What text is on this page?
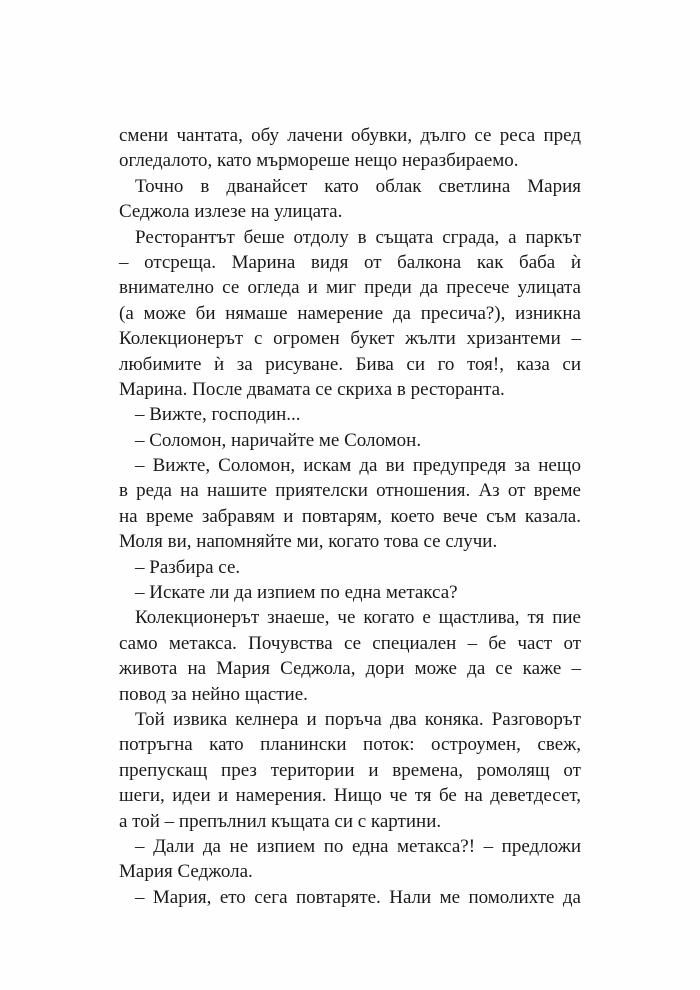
смени чантата, обу лачени обувки, дълго се реса пред
огледалото, като мърмореше нещо неразбираемо.
Точно в дванайсет като облак светлина Мария
Седжола излезе на улицата.
Ресторантът беше отдолу в същата сграда, а паркът
– отсреща. Марина видя от балкона как баба ѝ
внимателно се огледа и миг преди да пресече улицата
(а може би нямаше намерение да пресича?), изникна
Колекционерът с огромен букет жълти хризантеми –
любимите ѝ за рисуване. Бива си го тоя!, каза си
Марина. После двамата се скриха в ресторанта.
– Вижте, господин...
– Соломон, наричайте ме Соломон.
– Вижте, Соломон, искам да ви предупредя за нещо
в реда на нашите приятелски отношения. Аз от време
на време забравям и повтарям, което вече съм казала.
Моля ви, напомняйте ми, когато това се случи.
– Разбира се.
– Искате ли да изпием по една метакса?
Колекционерът знаеше, че когато е щастлива, тя пие
само метакса. Почувства се специален – бе част от
живота на Мария Седжола, дори може да се каже –
повод за нейно щастие.
Той извика келнера и поръча два коняка. Разговорът
потръгна като планински поток: остроумен, свеж,
препускащ през територии и времена, ромолящ от
шеги, идеи и намерения. Нищо че тя бе на деветдесет,
а той – препълнил къщата си с картини.
– Дали да не изпием по една метакса?! – предложи
Мария Седжола.
– Мария, ето сега повтаряте. Нали ме помолихте да
